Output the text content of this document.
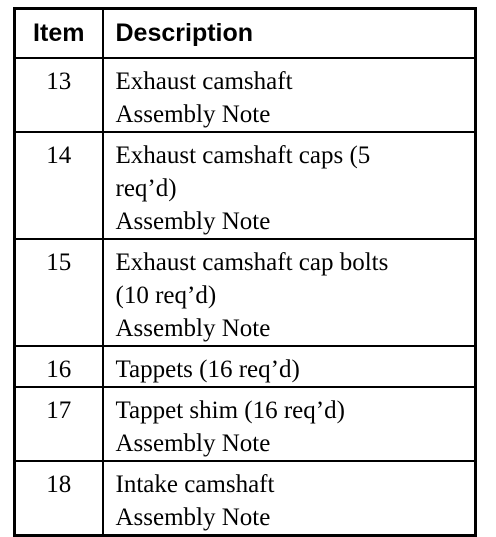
Item	Description
13	Exhaust camshaft
Assembly Note

14	Exhaust camshaft caps (5
req’d)
Assembly Note

15	Exhaust camshaft cap bolts
(10 req’d)
Assembly Note

16	Tappets (16 req’d)

17	Tappet shim (16 req’d)
Assembly Note

18	Intake camshaft
Assembly Note
